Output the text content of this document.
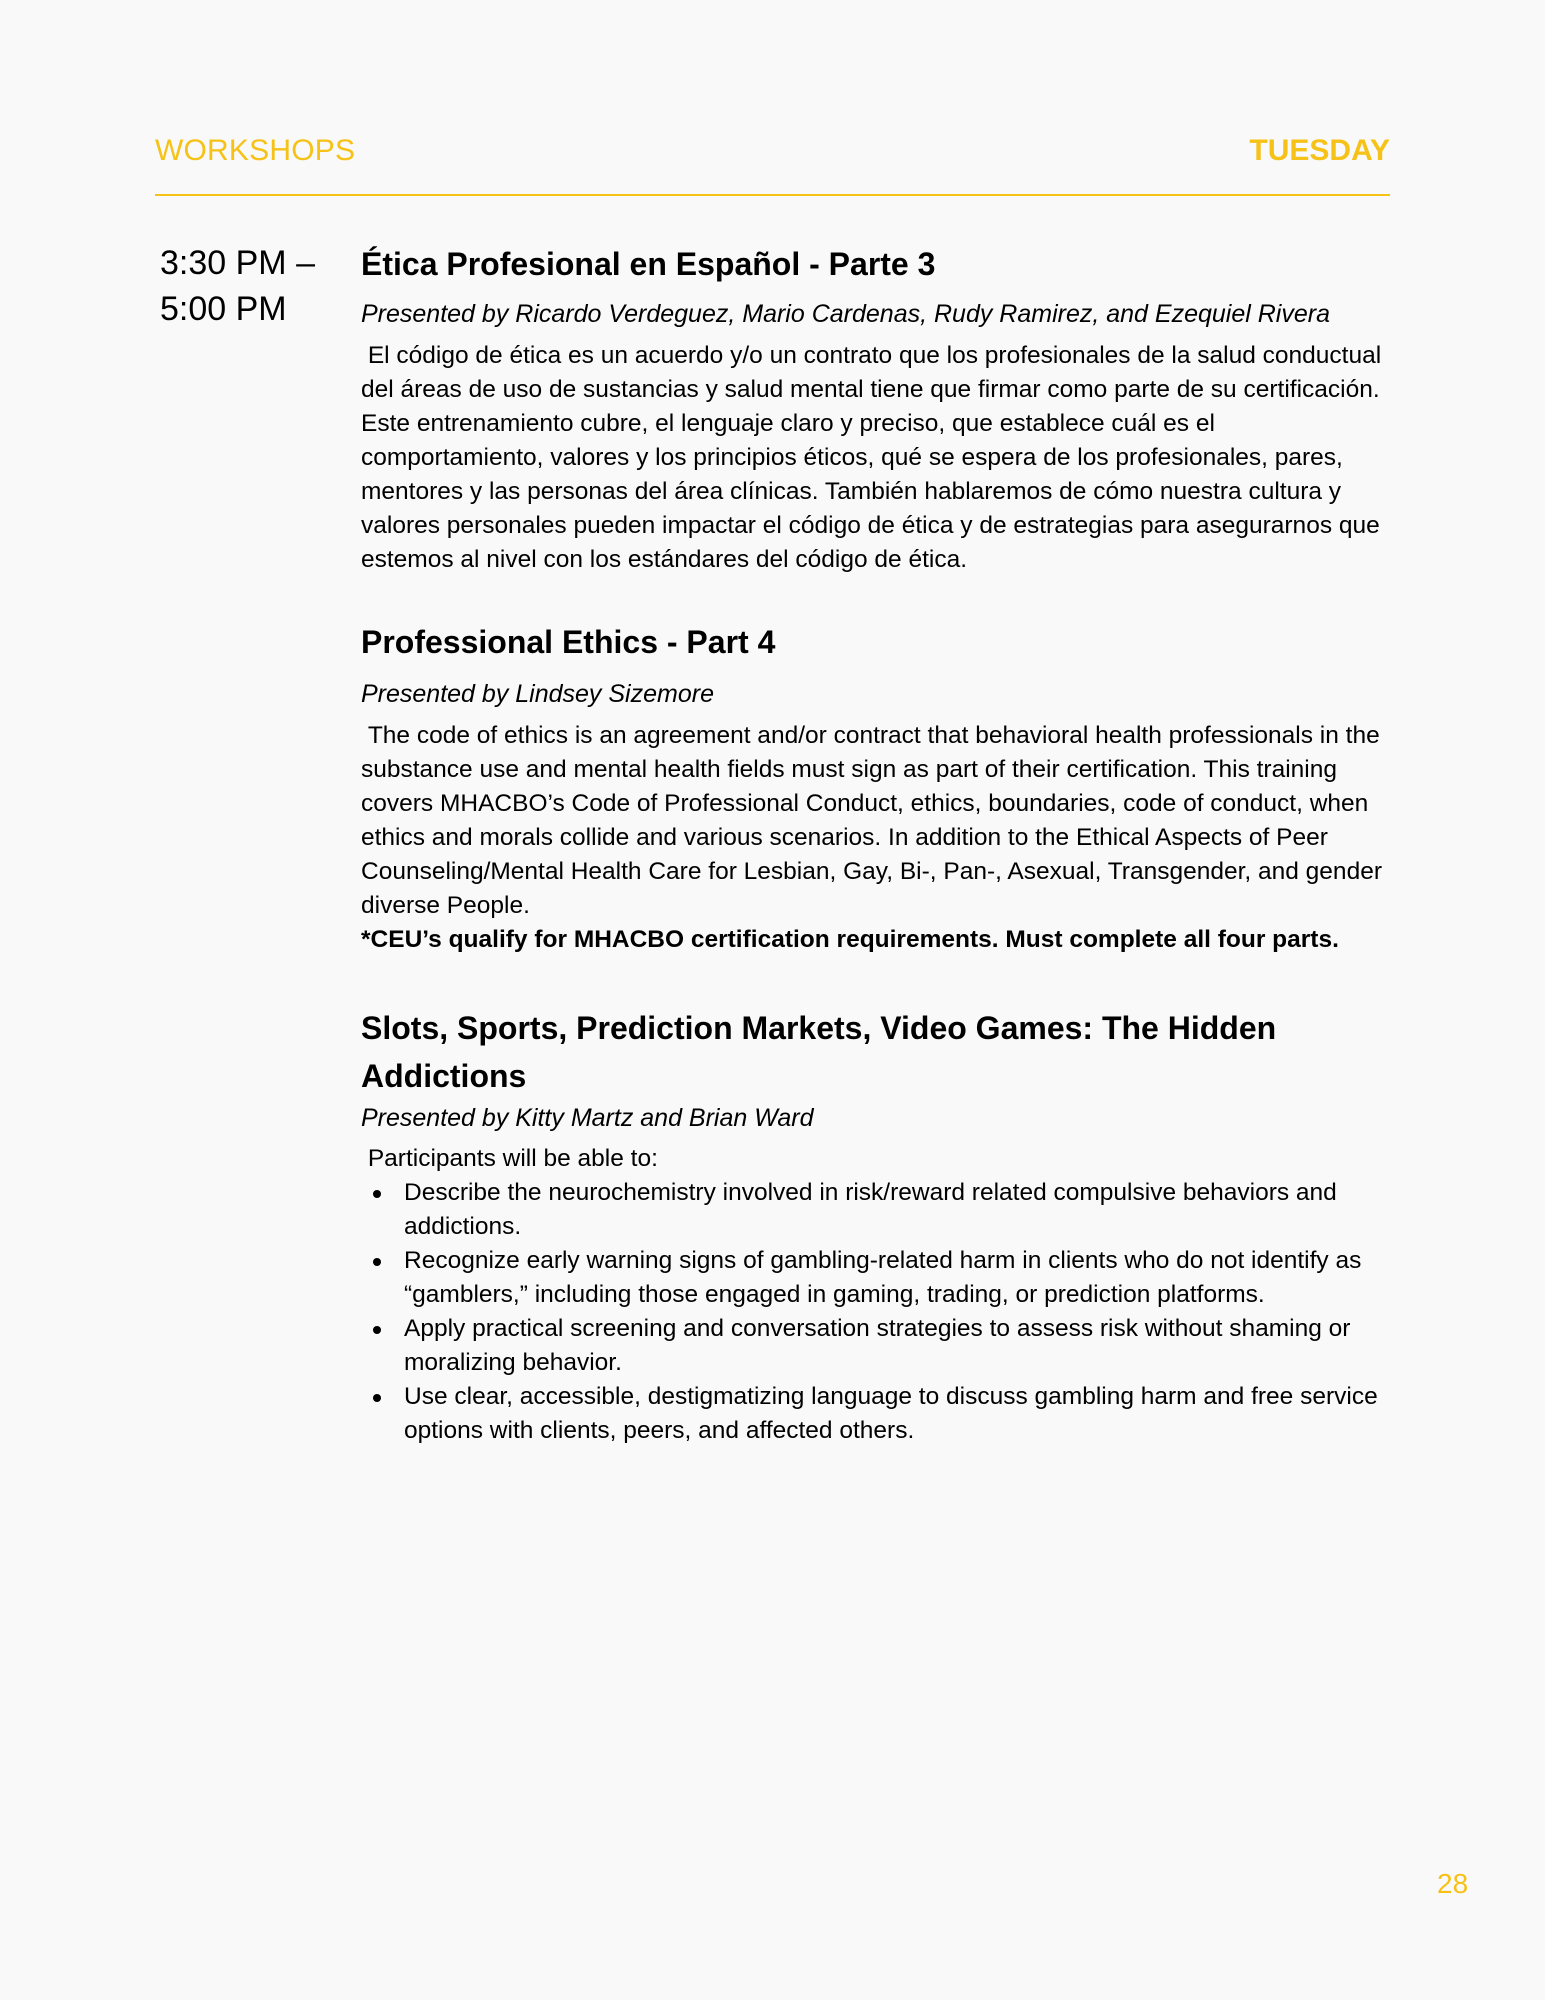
WORKSHOPS	TUESDAY
3:30 PM –
5:00 PM

Ética Profesional en Español - Parte 3

Presented by Ricardo Verdeguez, Mario Cardenas, Rudy Ramirez, and Ezequiel Rivera

El código de ética es un acuerdo y/o un contrato que los profesionales de la salud conductual del áreas de uso de sustancias y salud mental tiene que firmar como parte de su certificación. Este entrenamiento cubre, el lenguaje claro y preciso, que establece cuál es el comportamiento, valores y los principios éticos, qué se espera de los profesionales, pares, mentores y las personas del área clínicas. También hablaremos de cómo nuestra cultura y valores personales pueden impactar el código de ética y de estrategias para asegurarnos que estemos al nivel con los estándares del código de ética.

Professional Ethics - Part 4

Presented by Lindsey Sizemore

The code of ethics is an agreement and/or contract that behavioral health professionals in the substance use and mental health fields must sign as part of their certification. This training covers MHACBO’s Code of Professional Conduct, ethics, boundaries, code of conduct, when ethics and morals collide and various scenarios. In addition to the Ethical Aspects of Peer Counseling/Mental Health Care for Lesbian, Gay, Bi-, Pan-, Asexual, Transgender, and gender diverse People.

*CEU’s qualify for MHACBO certification requirements. Must complete all four parts.

Slots, Sports, Prediction Markets, Video Games: The Hidden Addictions

Presented by Kitty Martz and Brian Ward

Participants will be able to:

Describe the neurochemistry involved in risk/reward related compulsive behaviors and addictions.
Recognize early warning signs of gambling-related harm in clients who do not identify as “gamblers,” including those engaged in gaming, trading, or prediction platforms.
Apply practical screening and conversation strategies to assess risk without shaming or moralizing behavior.
Use clear, accessible, destigmatizing language to discuss gambling harm and free service options with clients, peers, and affected others.
28
